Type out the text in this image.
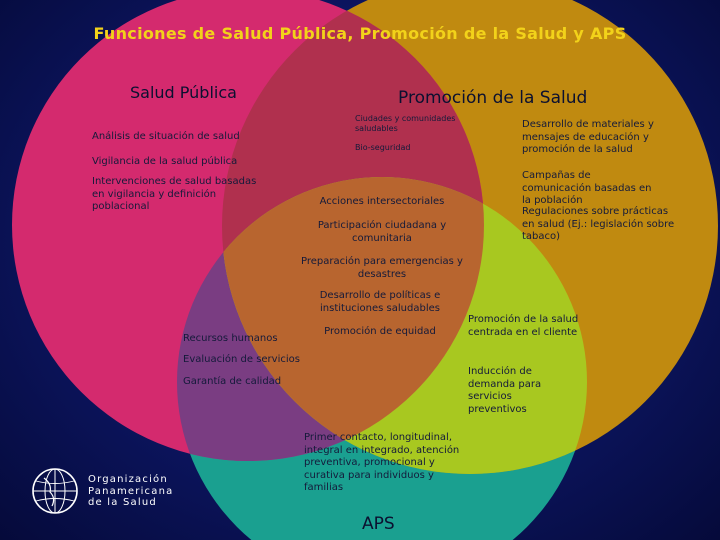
Funciones de Salud Pública, Promoción de la Salud y APS
Salud Pública	Promoción de la Salud
APS
Análisis de situación de salud
Vigilancia de la salud pública
Intervenciones de salud basadas en vigilancia y definición poblacional
Ciudades y comunidades saludables
Bio-seguridad
Desarrollo de materiales y mensajes de educación y promoción de la salud
Campañas de comunicación basadas en la población
Regulaciones sobre prácticas en salud (Ej.: legislación sobre tabaco)
Acciones intersectoriales
Participación ciudadana y comunitaria
Preparación para emergencias y desastres
Desarrollo de políticas e instituciones saludables
Promoción de equidad
Recursos humanos
Evaluación de servicios
Garantía de calidad
Promoción de la salud centrada en el cliente
Inducción de demanda para servicios preventivos
Primer contacto, longitudinal, integral en integrado, atención preventiva, promocional y curativa para individuos y familias
Organización
Panamericana
de la Salud
